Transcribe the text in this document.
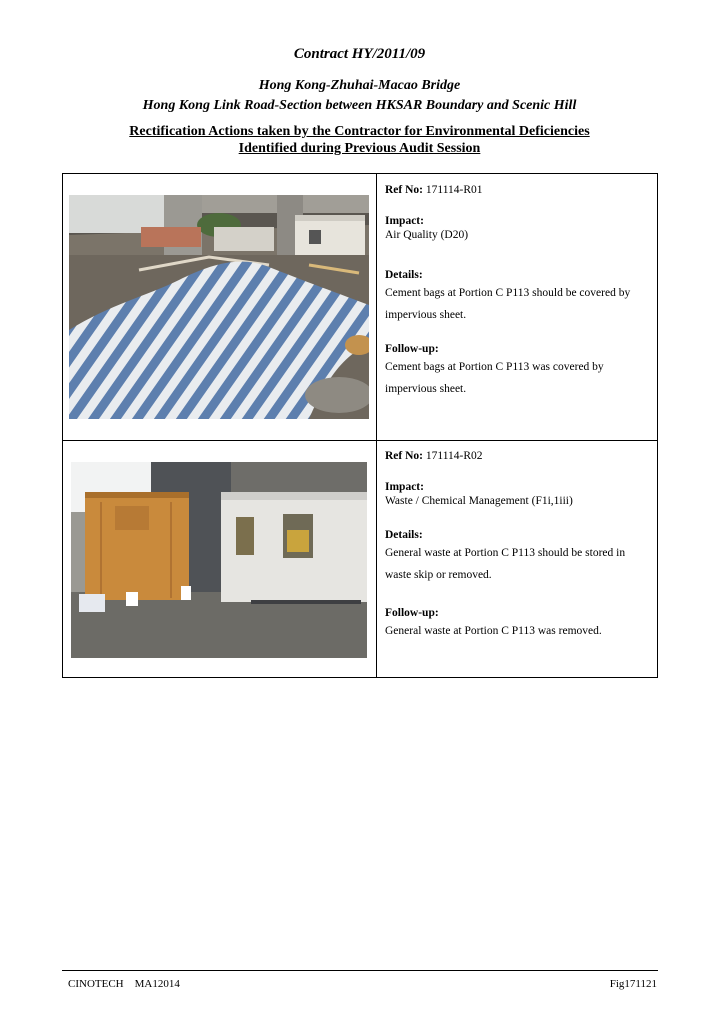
Contract HY/2011/09
Hong Kong-Zhuhai-Macao Bridge
Hong Kong Link Road-Section between HKSAR Boundary and Scenic Hill
Rectification Actions taken by the Contractor for Environmental Deficiencies
Identified during Previous Audit Session
Ref No: 171114-R01
Impact:
Air Quality (D20)
Details:
Cement bags at Portion C P113 should be covered by
impervious sheet.
Follow-up:
Cement bags at Portion C P113 was covered by
impervious sheet.
Ref No: 171114-R02
Impact:
Waste / Chemical Management (F1i,1iii)
Details:
General waste at Portion C P113 should be stored in
waste skip or removed.
Follow-up:
General waste at Portion C P113 was removed.
CINOTECH MA12014	Fig171121
